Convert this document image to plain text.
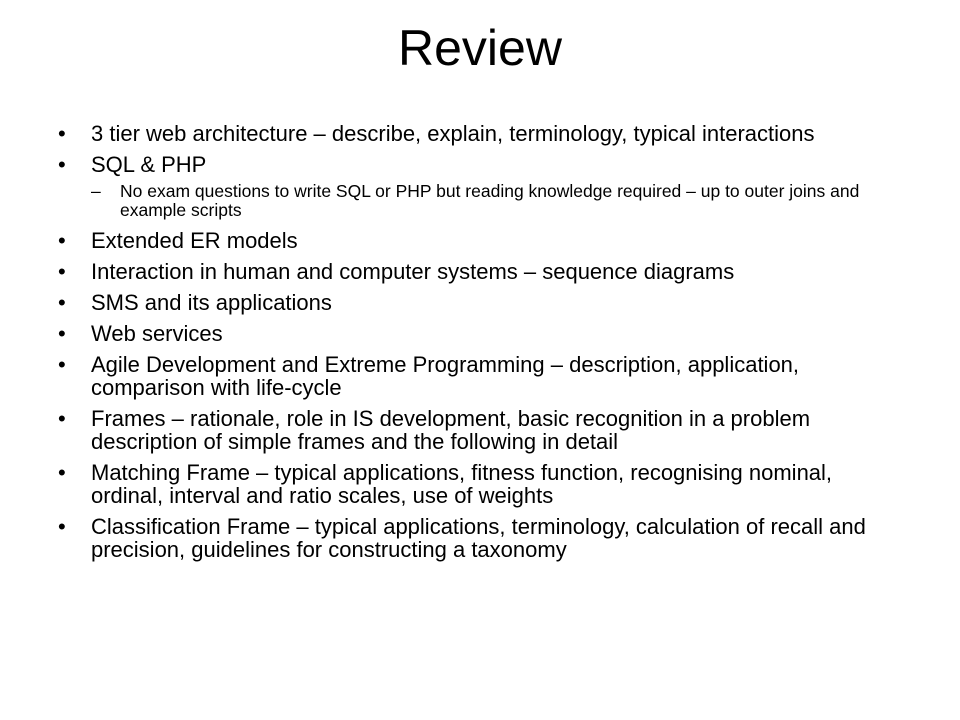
Review
• 3 tier web architecture – describe, explain, terminology, typical interactions
• SQL & PHP
– No exam questions to write SQL or PHP but reading knowledge required – up to outer joins and example scripts
• Extended ER models
• Interaction in human and computer systems – sequence diagrams
• SMS and its applications
• Web services
• Agile Development and Extreme Programming – description, application, comparison with life-cycle
• Frames – rationale, role in IS development, basic recognition in a problem description of simple frames and the following in detail
• Matching Frame – typical applications, fitness function, recognising nominal, ordinal, interval and ratio scales, use of weights
• Classification Frame – typical applications, terminology, calculation of recall and precision, guidelines for constructing a taxonomy
